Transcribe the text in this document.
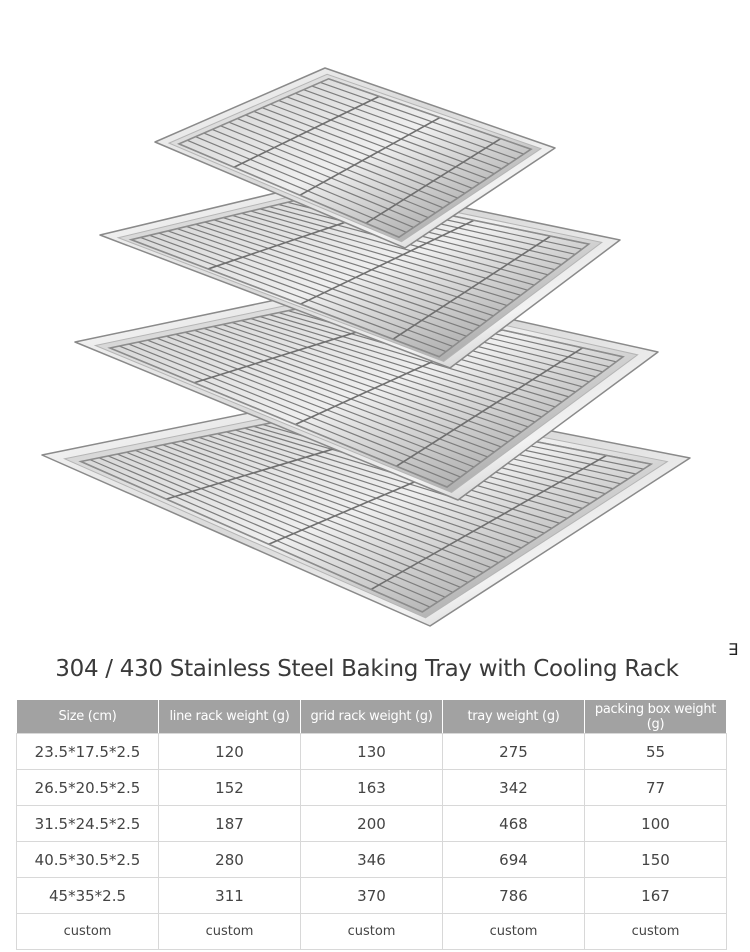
∃
304 / 430 Stainless Steel Baking Tray with Cooling Rack
Size (cm)	line rack weight (g)	grid rack weight (g)	tray weight (g)	packing box weight (g)
23.5*17.5*2.5	120	130	275	55
26.5*20.5*2.5	152	163	342	77
31.5*24.5*2.5	187	200	468	100
40.5*30.5*2.5	280	346	694	150
45*35*2.5	311	370	786	167
custom	custom	custom	custom	custom
